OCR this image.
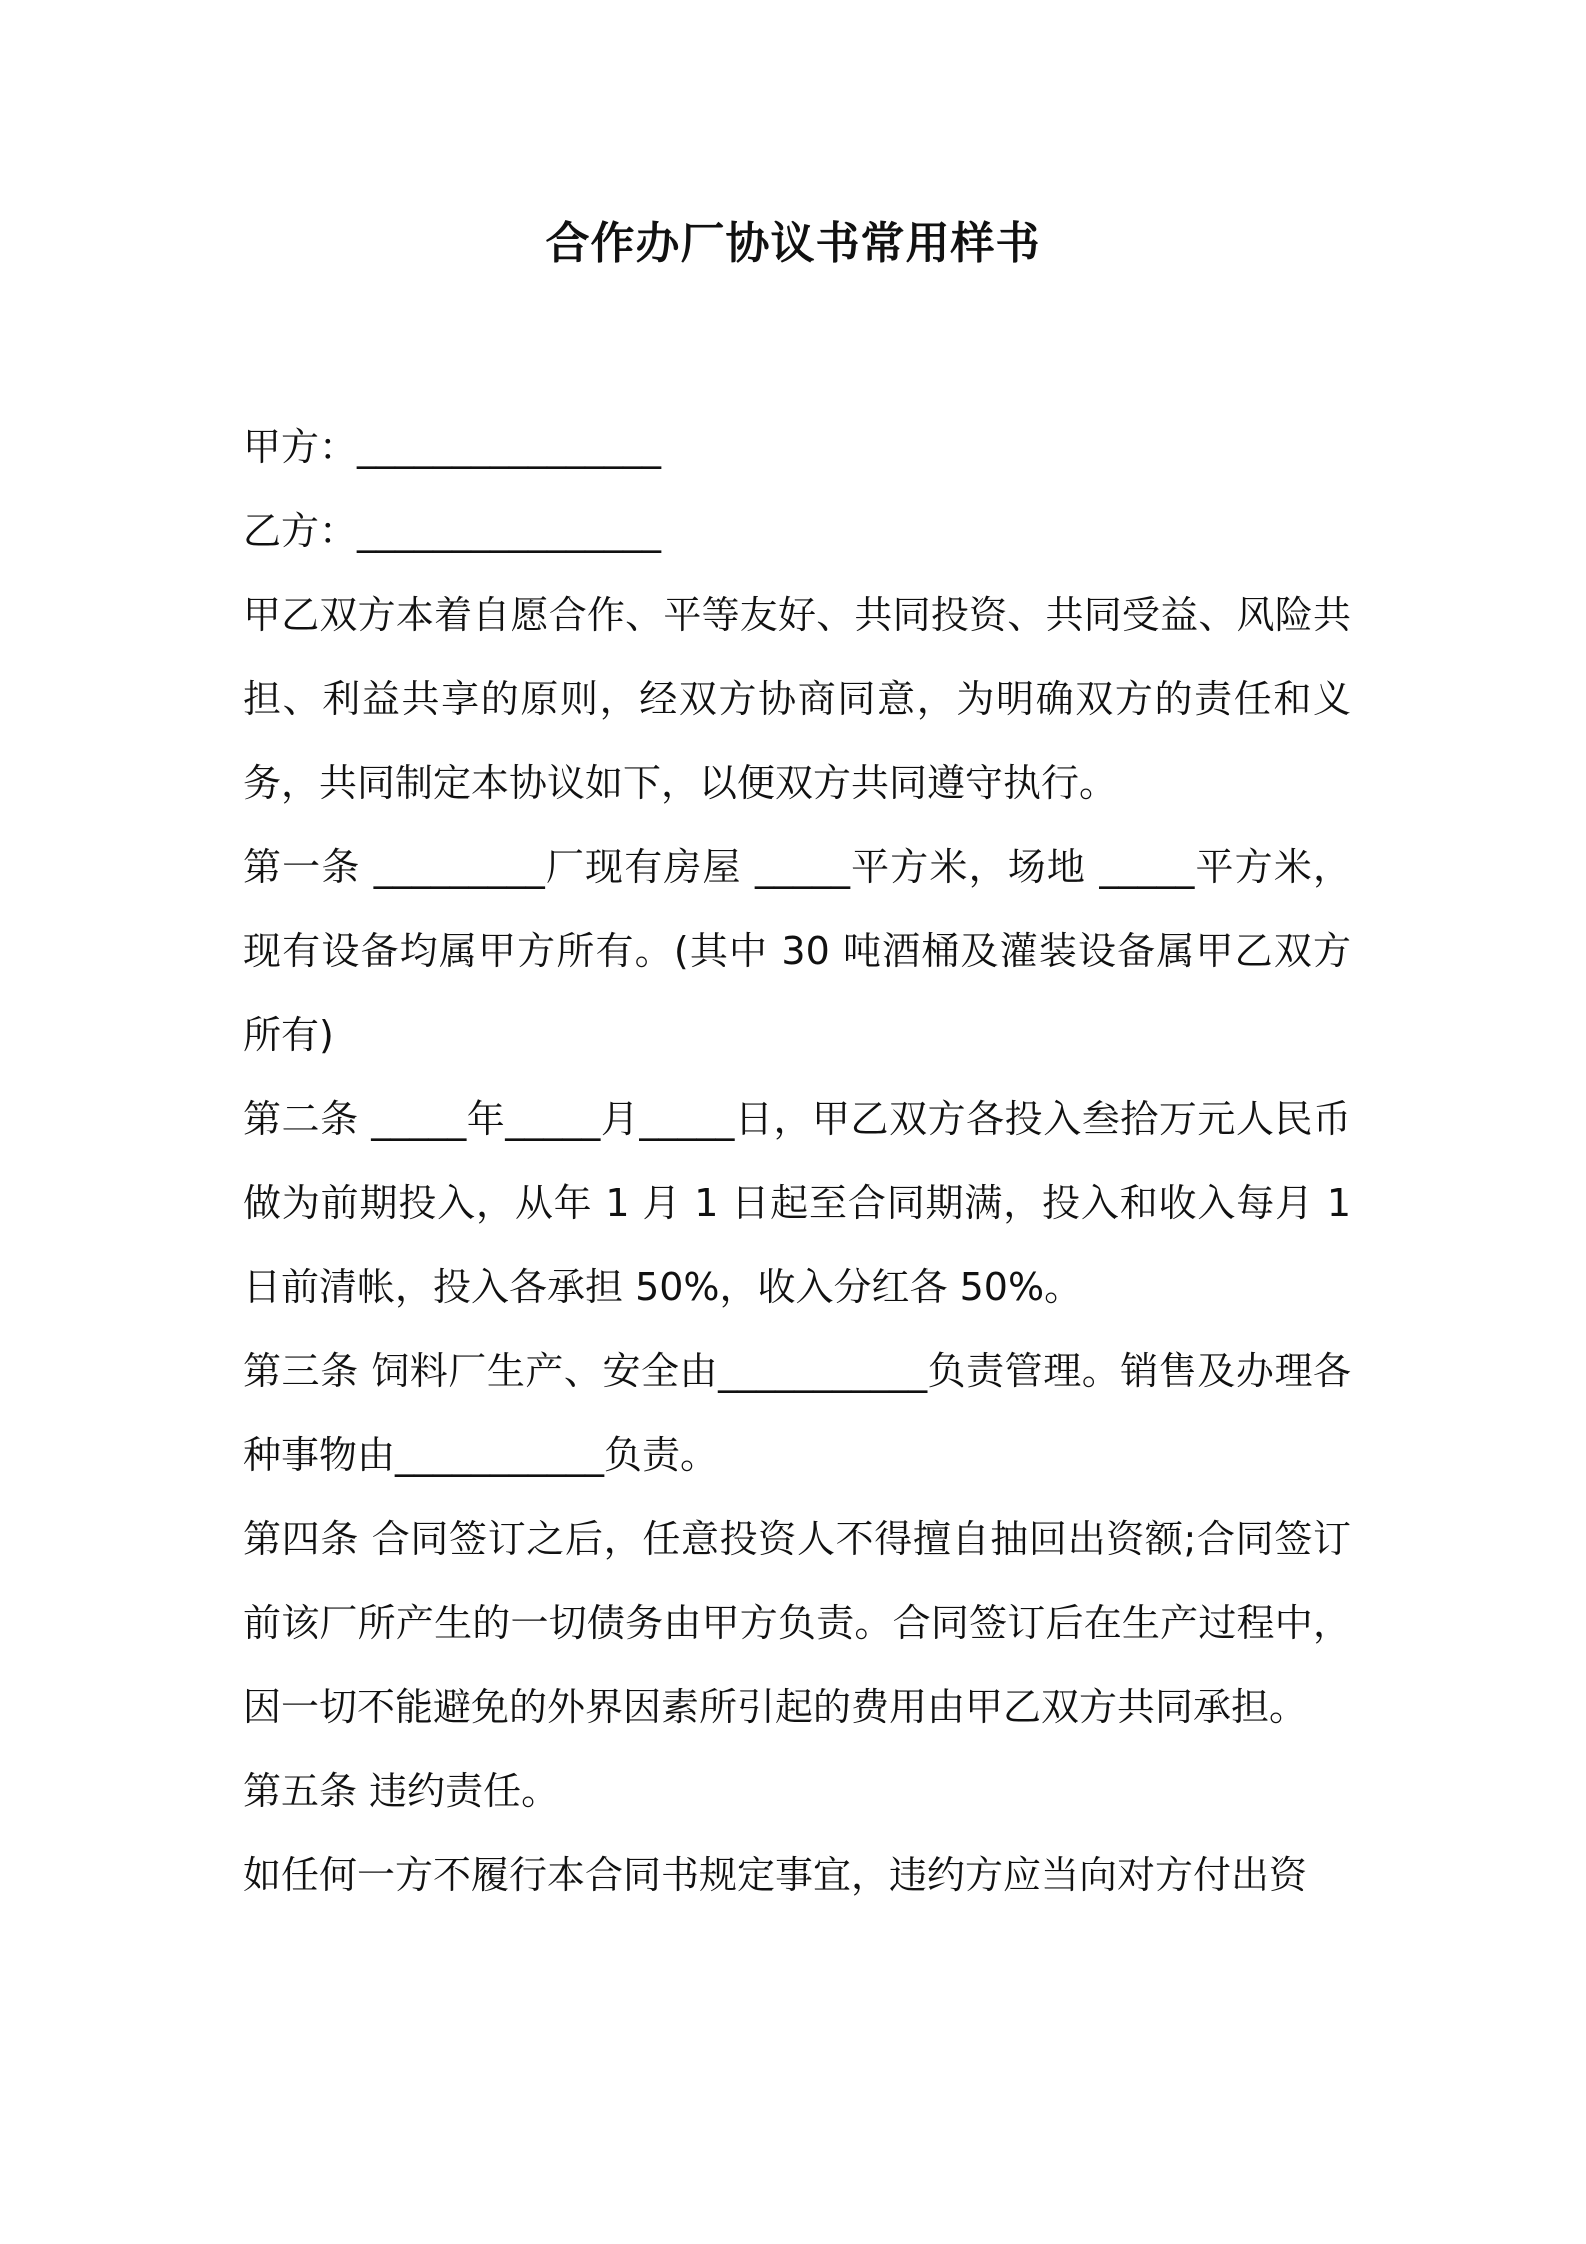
合作办厂协议书常用样书

甲方：________________

乙方：________________

甲乙双方本着自愿合作、平等友好、共同投资、共同受益、风险共担、利益共享的原则，经双方协商同意，为明确双方的责任和义务，共同制定本协议如下，以便双方共同遵守执行。

第一条 _________厂现有房屋 _____平方米，场地 _____平方米，现有设备均属甲方所有。(其中 30 吨酒桶及灌装设备属甲乙双方所有)

第二条 _____年_____月_____日，甲乙双方各投入叁拾万元人民币做为前期投入，从年 1 月 1 日起至合同期满，投入和收入每月 1 日前清帐，投入各承担 50%，收入分红各 50%。

第三条 饲料厂生产、安全由___________负责管理。销售及办理各种事物由___________负责。

第四条 合同签订之后，任意投资人不得擅自抽回出资额;合同签订前该厂所产生的一切债务由甲方负责。合同签订后在生产过程中，因一切不能避免的外界因素所引起的费用由甲乙双方共同承担。

第五条 违约责任。

如任何一方不履行本合同书规定事宜，违约方应当向对方付出资
